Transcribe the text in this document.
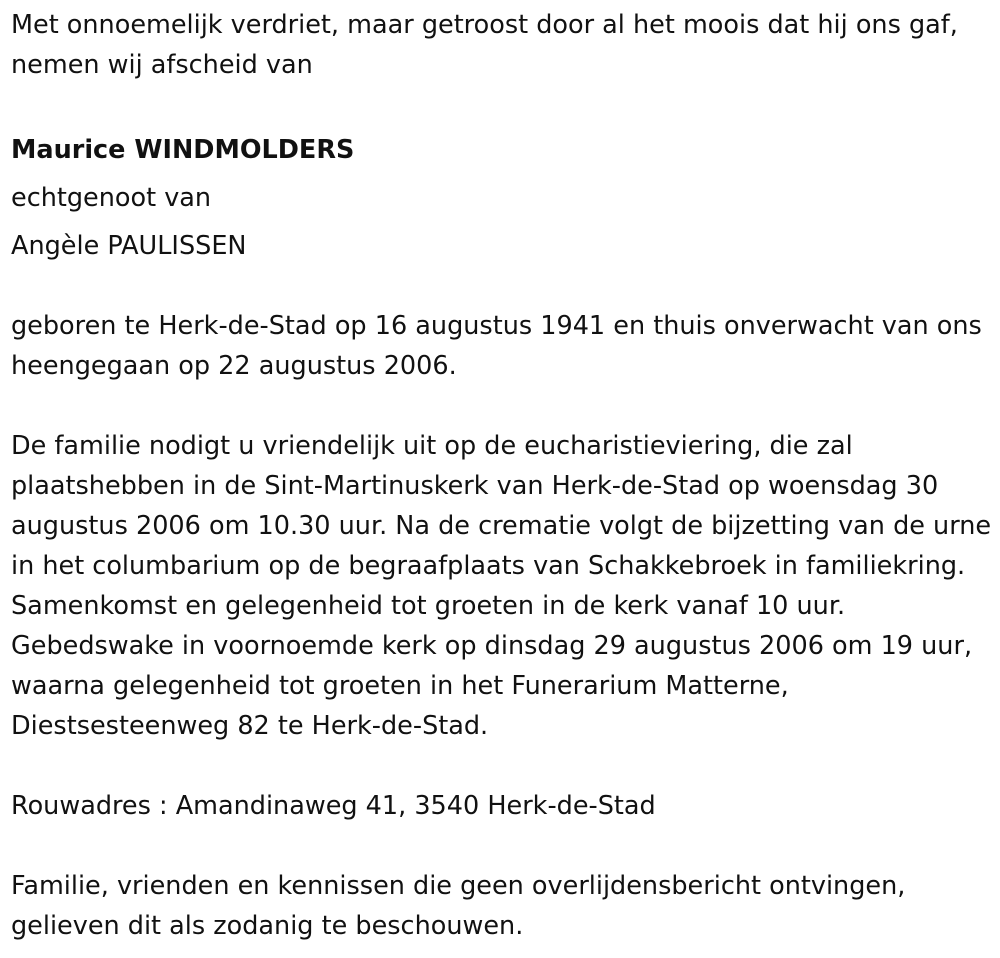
Met onnoemelijk verdriet, maar getroost door al het moois dat hij ons gaf, nemen wij afscheid van

Maurice WINDMOLDERS

echtgenoot van

Angèle PAULISSEN

geboren te Herk-de-Stad op 16 augustus 1941 en thuis onverwacht van ons heengegaan op 22 augustus 2006.

De familie nodigt u vriendelijk uit op de eucharistieviering, die zal plaatshebben in de Sint-Martinuskerk van Herk-de-Stad op woensdag 30 augustus 2006 om 10.30 uur. Na de crematie volgt de bijzetting van de urne in het columbarium op de begraafplaats van Schakkebroek in familiekring. Samenkomst en gelegenheid tot groeten in de kerk vanaf 10 uur. Gebedswake in voornoemde kerk op dinsdag 29 augustus 2006 om 19 uur, waarna gelegenheid tot groeten in het Funerarium Matterne, Diestsesteenweg 82 te Herk-de-Stad.

Rouwadres : Amandinaweg 41, 3540 Herk-de-Stad

Familie, vrienden en kennissen die geen overlijdensbericht ontvingen, gelieven dit als zodanig te beschouwen.
